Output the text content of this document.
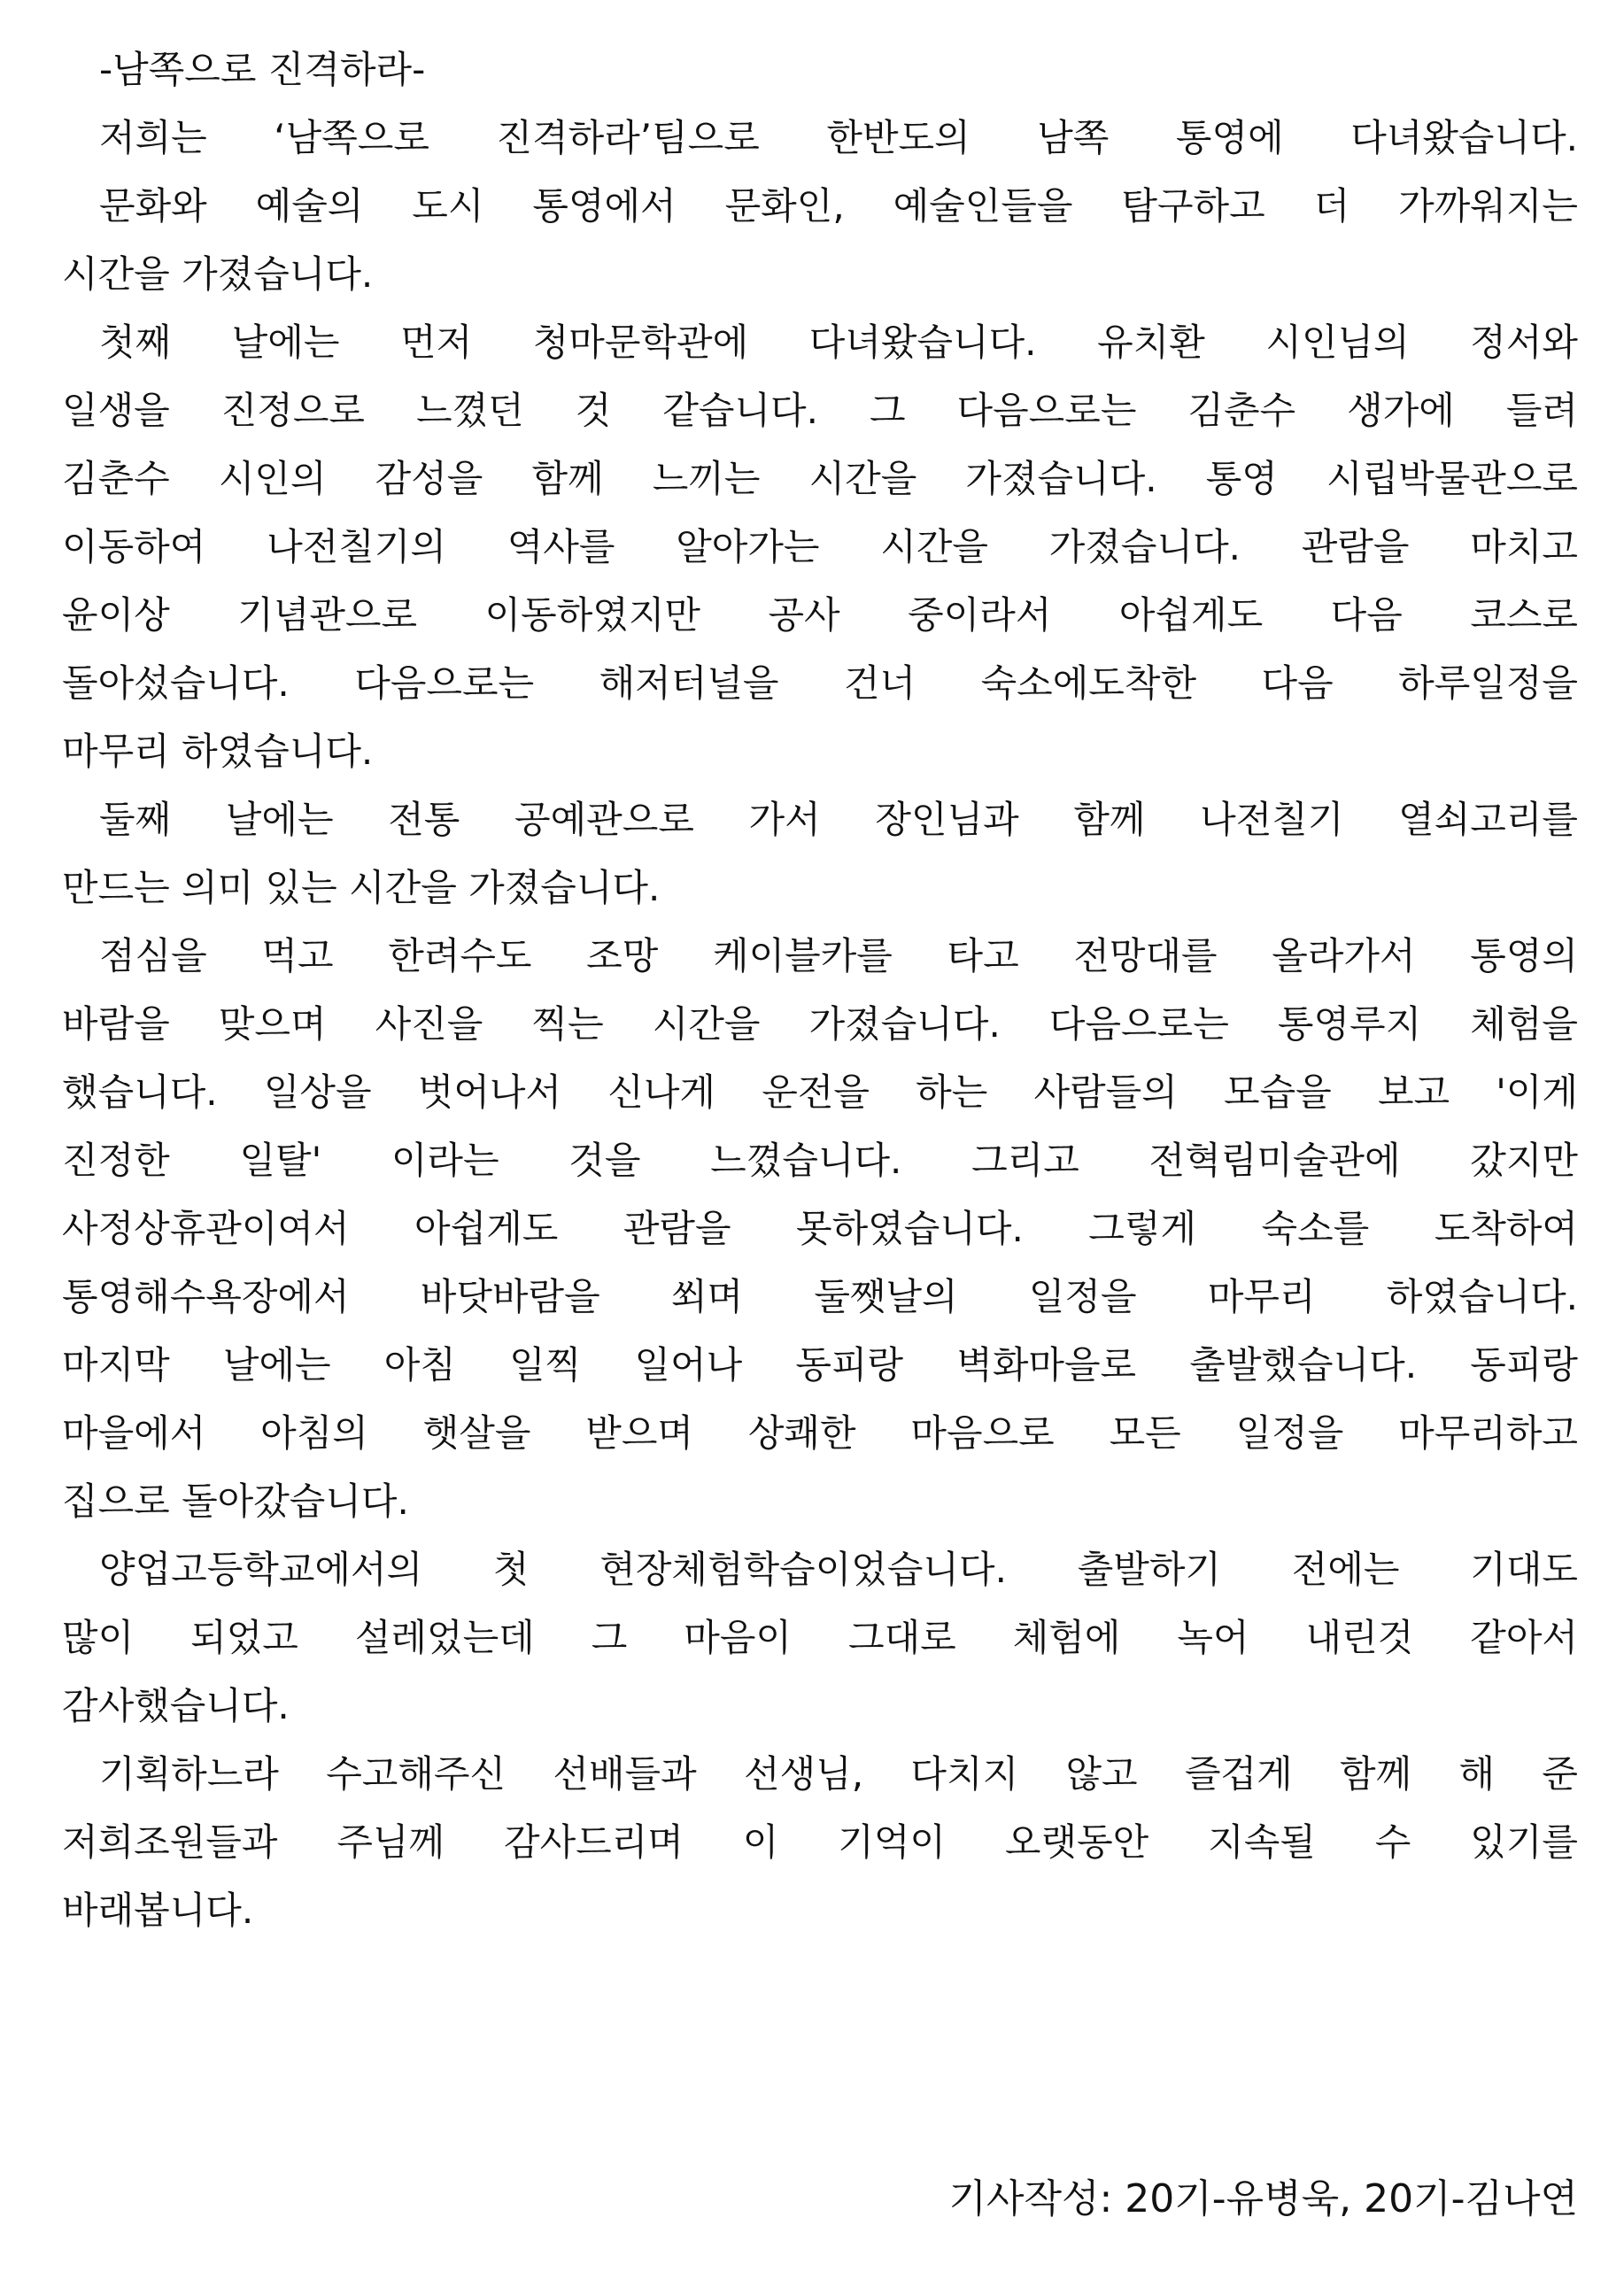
-남쪽으로 진격하라-
저희는 ‘남쪽으로 진격하라’팀으로 한반도의 남쪽 통영에 다녀왔습니다.
문화와 예술의 도시 통영에서 문화인, 예술인들을 탐구하고 더 가까워지는
시간을 가졌습니다.
첫째 날에는 먼저 청마문학관에 다녀왔습니다. 유치환 시인님의 정서와
일생을 진정으로 느꼈던 것 같습니다. 그 다음으로는 김춘수 생가에 들려
김춘수 시인의 감성을 함께 느끼는 시간을 가졌습니다. 통영 시립박물관으로
이동하여 나전칠기의 역사를 알아가는 시간을 가졌습니다. 관람을 마치고
윤이상 기념관으로 이동하였지만 공사 중이라서 아쉽게도 다음 코스로
돌아섰습니다. 다음으로는 해저터널을 건너 숙소에도착한 다음 하루일정을
마무리 하였습니다.
둘째 날에는 전통 공예관으로 가서 장인님과 함께 나전칠기 열쇠고리를
만드는 의미 있는 시간을 가졌습니다.
점심을 먹고 한려수도 조망 케이블카를 타고 전망대를 올라가서 통영의
바람을 맞으며 사진을 찍는 시간을 가졌습니다. 다음으로는 통영루지 체험을
했습니다. 일상을 벗어나서 신나게 운전을 하는 사람들의 모습을 보고 '이게
진정한 일탈' 이라는 것을 느꼈습니다. 그리고 전혁림미술관에 갔지만
사정상휴관이여서 아쉽게도 관람을 못하였습니다. 그렇게 숙소를 도착하여
통영해수욕장에서 바닷바람을 쐬며 둘쨋날의 일정을 마무리 하였습니다.
마지막 날에는 아침 일찍 일어나 동피랑 벽화마을로 출발했습니다. 동피랑
마을에서 아침의 햇살을 받으며 상쾌한 마음으로 모든 일정을 마무리하고
집으로 돌아갔습니다.
양업고등학교에서의 첫 현장체험학습이었습니다. 출발하기 전에는 기대도
많이 되었고 설레었는데 그 마음이 그대로 체험에 녹어 내린것 같아서
감사했습니다.
기획하느라 수고해주신 선배들과 선생님, 다치지 않고 즐겁게 함께 해 준
저희조원들과 주님께 감사드리며 이 기억이 오랫동안 지속될 수 있기를
바래봅니다.
기사작성: 20기-유병욱, 20기-김나연
